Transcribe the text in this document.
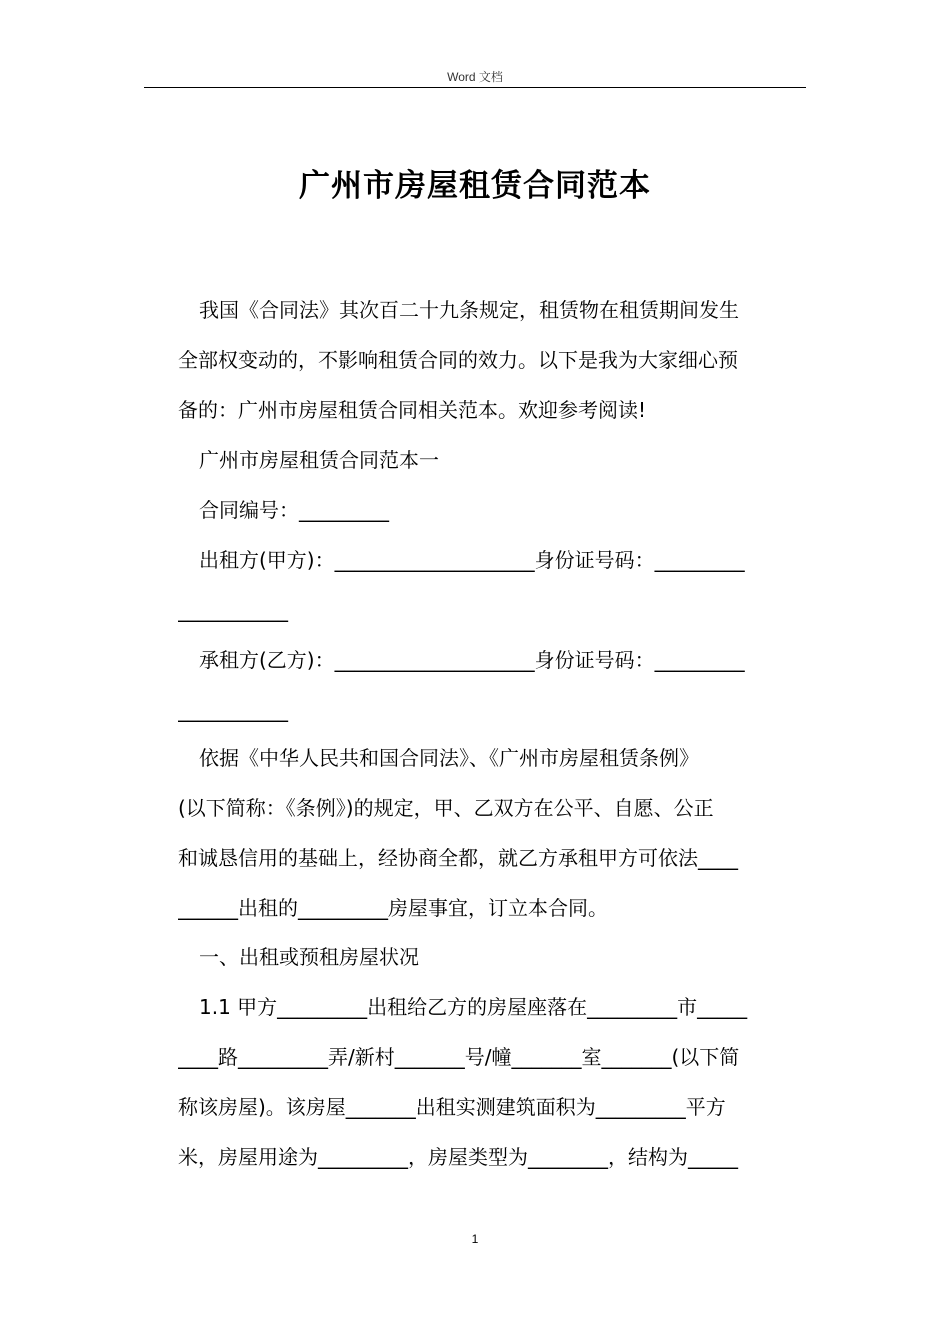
Word 文档
广州市房屋租赁合同范本
我国《合同法》其次百二十九条规定，租赁物在租赁期间发生
全部权变动的，不影响租赁合同的效力。以下是我为大家细心预
备的：广州市房屋租赁合同相关范本。欢迎参考阅读!
广州市房屋租赁合同范本一
合同编号：_________
出租方(甲方)：____________________身份证号码：_________
___________
承租方(乙方)：____________________身份证号码：_________
___________
依据《中华人民共和国合同法》、《广州市房屋租赁条例》
(以下简称：《条例》)的规定，甲、乙双方在公平、自愿、公正
和诚恳信用的基础上，经协商全都，就乙方承租甲方可依法____
______出租的_________房屋事宜，订立本合同。
一、出租或预租房屋状况
1.1 甲方_________出租给乙方的房屋座落在_________市_____
____路_________弄/新村_______号/幢_______室_______(以下简
称该房屋)。该房屋_______出租实测建筑面积为_________平方
米，房屋用途为_________，房屋类型为________，结构为_____
1
